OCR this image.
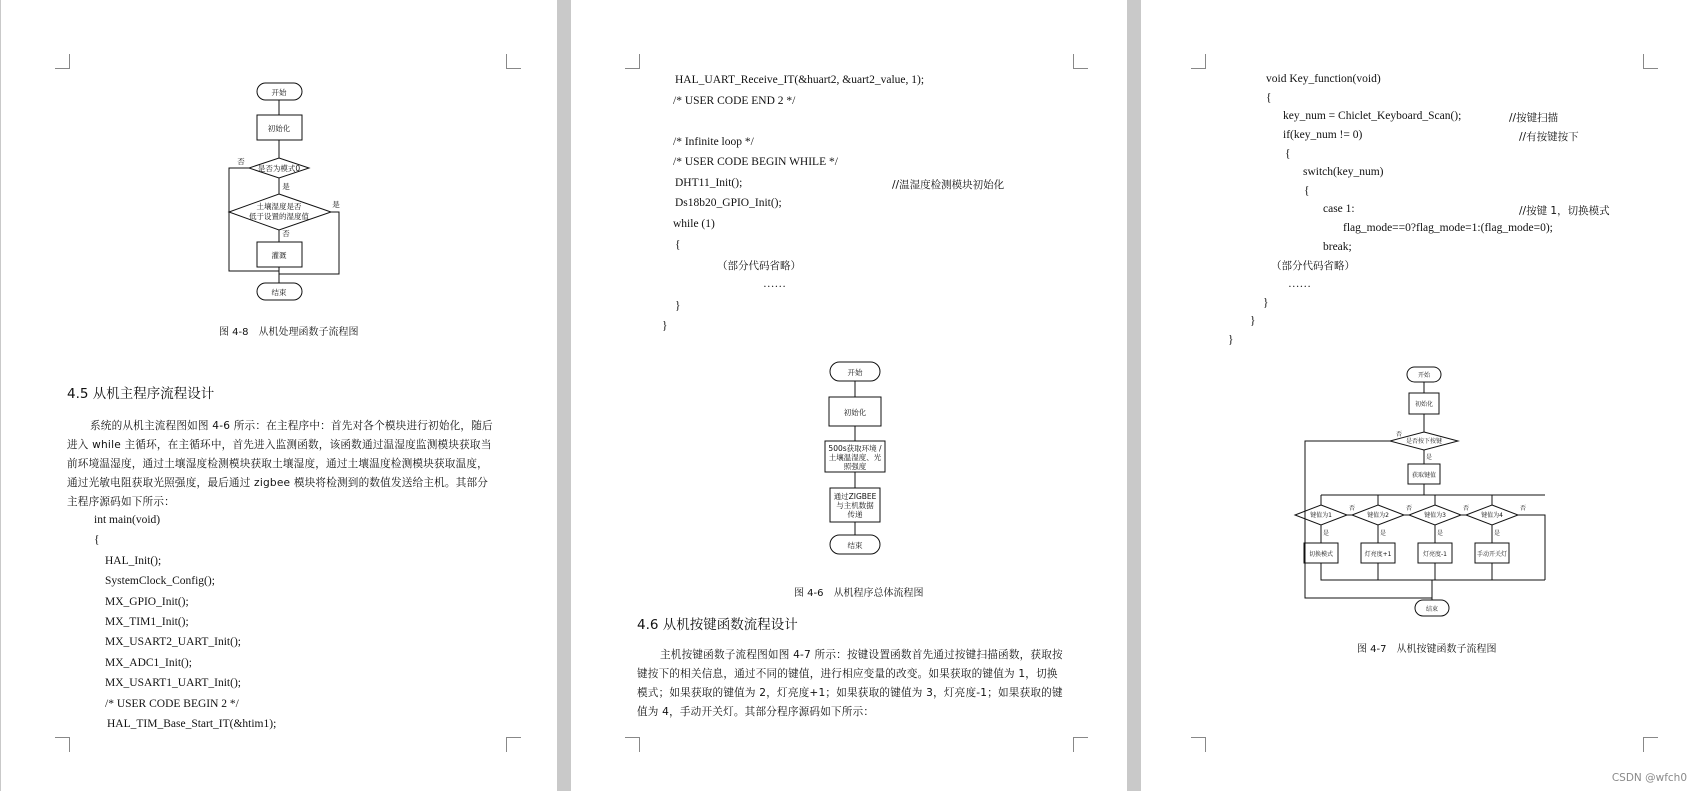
开始
初始化
是否为模式0
土壤湿度是否
低于设置的湿度值
灌溉
结束
否
是
是
否
图 4-8　从机处理函数子流程图
4.5 从机主程序流程设计
系统的从机主流程图如图 4-6 所示：在主程序中：首先对各个模块进行初始化，随后
进入 while 主循环，在主循环中，首先进入监测函数，该函数通过温湿度监测模块获取当
前环境温湿度，通过土壤湿度检测模块获取土壤湿度，通过土壤温度检测模块获取温度，
通过光敏电阻获取光照强度，最后通过 zigbee 模块将检测到的数值发送给主机。其部分
主程序源码如下所示：
int main(void)
{
HAL_Init();
SystemClock_Config();
MX_GPIO_Init();
MX_TIM1_Init();
MX_USART2_UART_Init();
MX_ADC1_Init();
MX_USART1_UART_Init();
/* USER CODE BEGIN 2 */
HAL_TIM_Base_Start_IT(&htim1);
HAL_UART_Receive_IT(&huart2, &uart2_value, 1);
/* USER CODE END 2 */
/* Infinite loop */
/* USER CODE BEGIN WHILE */
DHT11_Init();	//温湿度检测模块初始化
Ds18b20_GPIO_Init();
while (1)
{
（部分代码省略）
……
}
}
开始
初始化
500s获取环境 /
土壤温湿度、光
照强度
通过ZIGBEE
与主机数据
传递
结束
图 4-6　从机程序总体流程图
4.6 从机按键函数流程设计
主机按键函数子流程图如图 4-7 所示：按键设置函数首先通过按键扫描函数，获取按
键按下的相关信息，通过不同的键值，进行相应变量的改变。如果获取的键值为 1，切换
模式；如果获取的键值为 2，灯亮度+1；如果获取的键值为 3，灯亮度-1；如果获取的键
值为 4，手动开关灯。其部分程序源码如下所示：
void Key_function(void)
{
key_num = Chiclet_Keyboard_Scan();	//按键扫描
if(key_num != 0)	//有按键按下
{
switch(key_num)
{
case 1:	//按键 1，切换模式
flag_mode==0?flag_mode=1:(flag_mode=0);
break;
（部分代码省略）
……
}
}
}
开始
初始化
是否按下按键
获取键值
键值为1	键值为2	键值为3	键值为4
切换模式	灯亮度+1	灯亮度-1	手动开关灯
结束
否
是
否	否	否	否
是	是	是	是
图 4-7　从机按键函数子流程图
CSDN @wfch0
